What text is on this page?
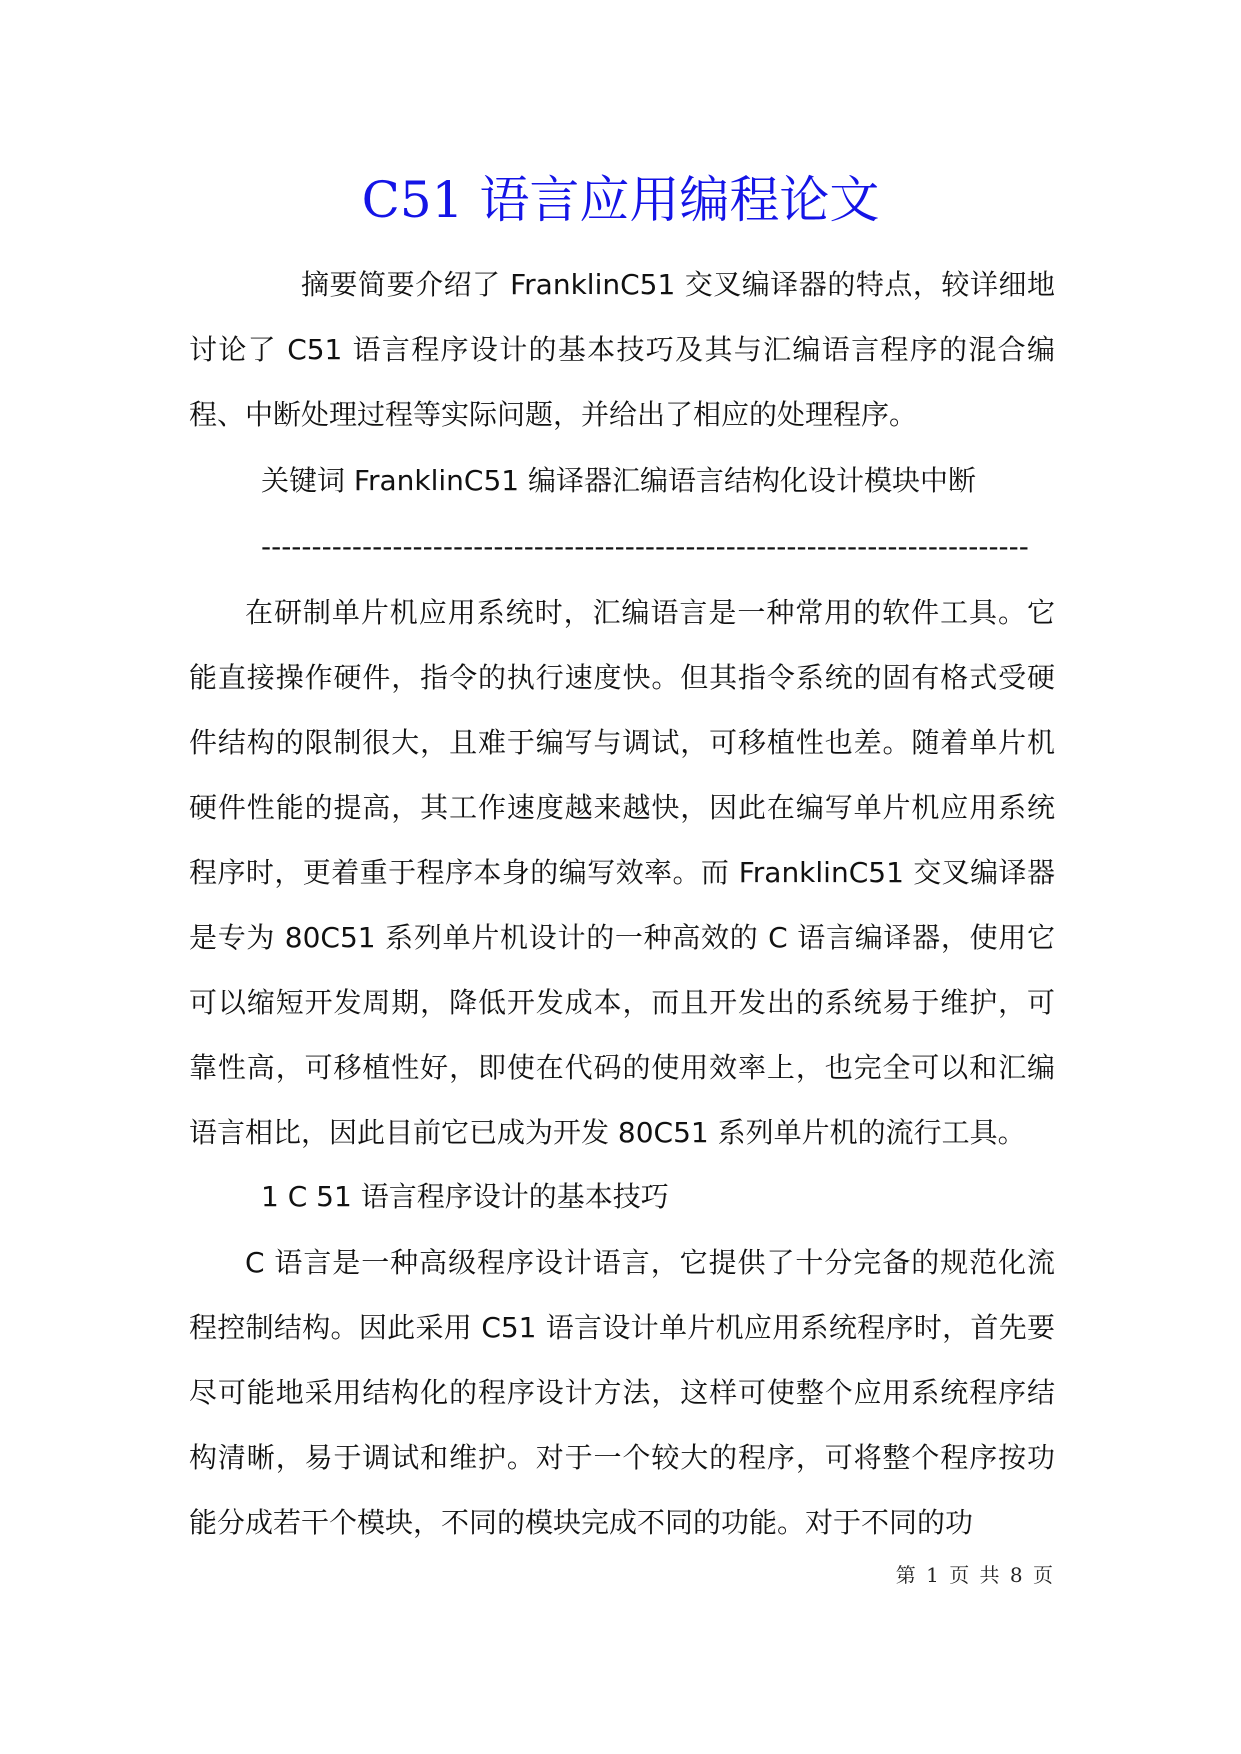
C51 语言应用编程论文

摘要简要介绍了 FranklinC51 交叉编译器的特点，较详细地讨论了 C51 语言程序设计的基本技巧及其与汇编语言程序的混合编程、中断处理过程等实际问题，并给出了相应的处理程序。

关键词 FranklinC51 编译器汇编语言结构化设计模块中断

----------------------------------------------------------------------------

在研制单片机应用系统时，汇编语言是一种常用的软件工具。它能直接操作硬件，指令的执行速度快。但其指令系统的固有格式受硬件结构的限制很大，且难于编写与调试，可移植性也差。随着单片机硬件性能的提高，其工作速度越来越快，因此在编写单片机应用系统程序时，更着重于程序本身的编写效率。而 FranklinC51 交叉编译器是专为 80C51 系列单片机设计的一种高效的 C 语言编译器，使用它可以缩短开发周期，降低开发成本，而且开发出的系统易于维护，可靠性高，可移植性好，即使在代码的使用效率上，也完全可以和汇编语言相比，因此目前它已成为开发 80C51 系列单片机的流行工具。

1 C 51 语言程序设计的基本技巧

C 语言是一种高级程序设计语言，它提供了十分完备的规范化流程控制结构。因此采用 C51 语言设计单片机应用系统程序时，首先要尽可能地采用结构化的程序设计方法，这样可使整个应用系统程序结构清晰，易于调试和维护。对于一个较大的程序，可将整个程序按功能分成若干个模块，不同的模块完成不同的功能。对于不同的功

第 1 页 共 8 页
